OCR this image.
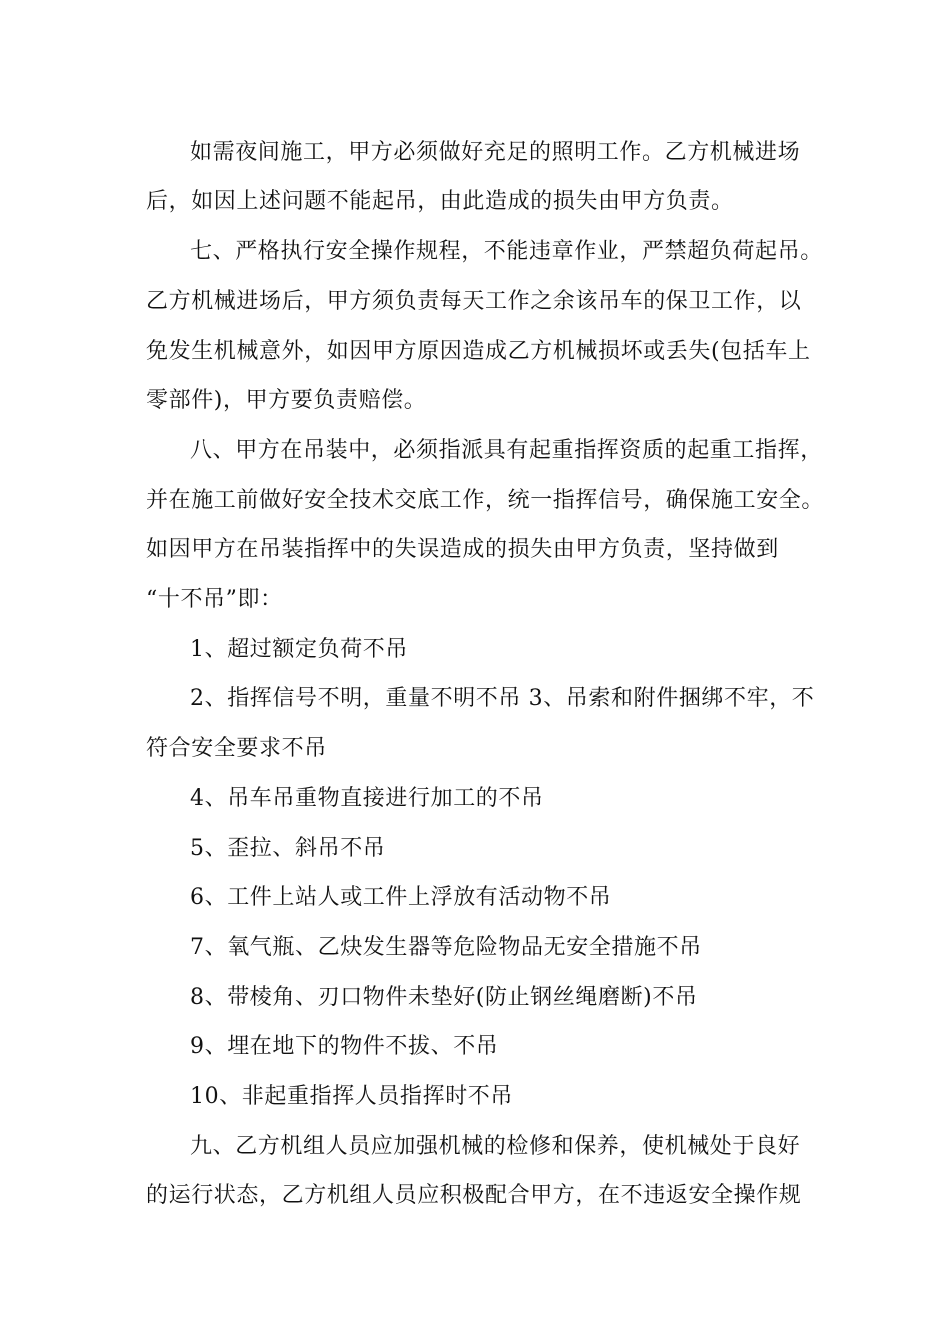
如需夜间施工，甲方必须做好充足的照明工作。乙方机械进场
后，如因上述问题不能起吊，由此造成的损失由甲方负责。
七、严格执行安全操作规程，不能违章作业，严禁超负荷起吊。
乙方机械进场后，甲方须负责每天工作之余该吊车的保卫工作，以
免发生机械意外，如因甲方原因造成乙方机械损坏或丢失(包括车上
零部件)，甲方要负责赔偿。
八、甲方在吊装中，必须指派具有起重指挥资质的起重工指挥，
并在施工前做好安全技术交底工作，统一指挥信号，确保施工安全。
如因甲方在吊装指挥中的失误造成的损失由甲方负责，坚持做到
“十不吊”即：
1、超过额定负荷不吊
2、指挥信号不明，重量不明不吊 3、吊索和附件捆绑不牢，不
符合安全要求不吊
4、吊车吊重物直接进行加工的不吊
5、歪拉、斜吊不吊
6、工件上站人或工件上浮放有活动物不吊
7、氧气瓶、乙炔发生器等危险物品无安全措施不吊
8、带棱角、刃口物件未垫好(防止钢丝绳磨断)不吊
9、埋在地下的物件不拔、不吊
10、非起重指挥人员指挥时不吊
九、乙方机组人员应加强机械的检修和保养，使机械处于良好
的运行状态，乙方机组人员应积极配合甲方，在不违返安全操作规
